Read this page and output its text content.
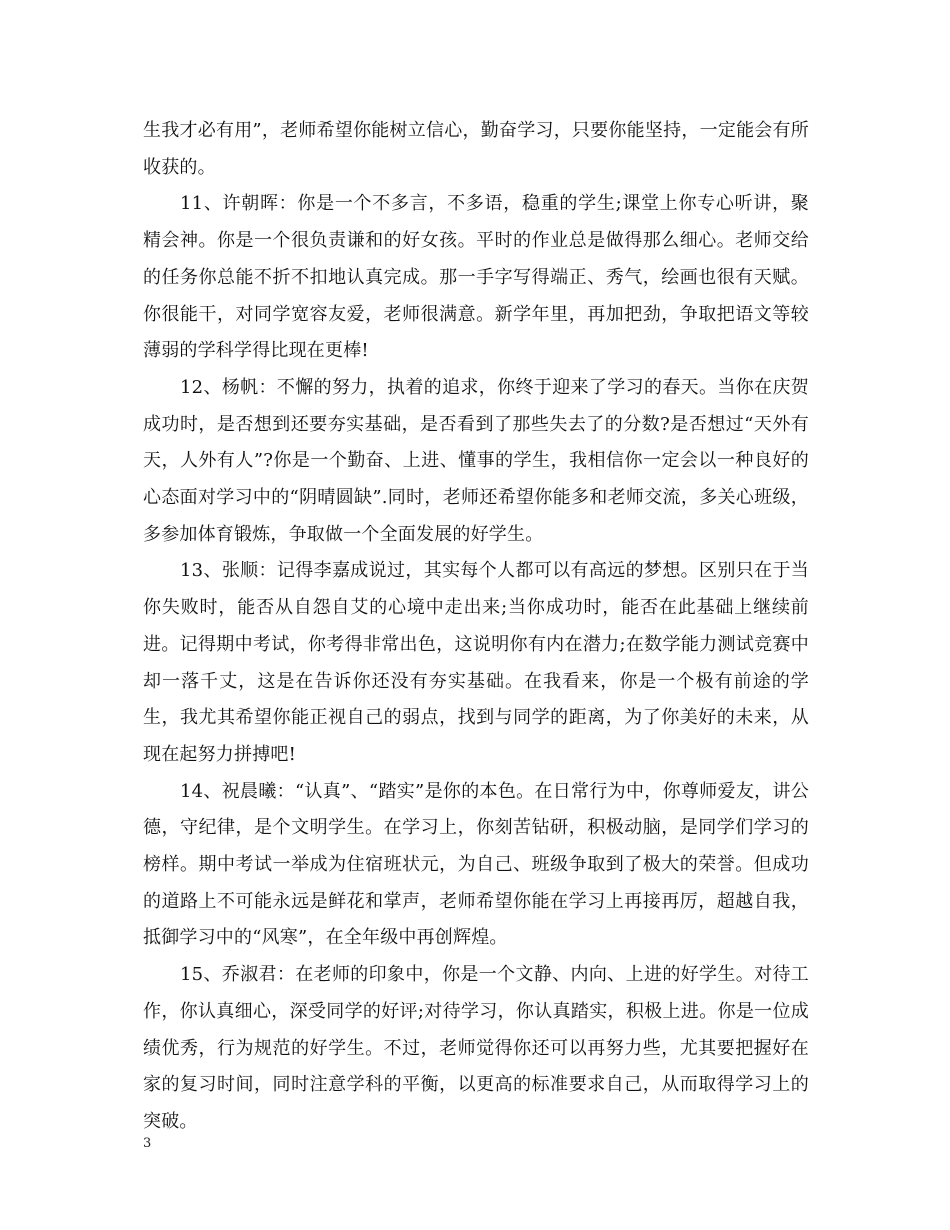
生我才必有用”，老师希望你能树立信心，勤奋学习，只要你能坚持，一定能会有所收获的。

11、许朝晖：你是一个不多言，不多语，稳重的学生;课堂上你专心听讲，聚精会神。你是一个很负责谦和的好女孩。平时的作业总是做得那么细心。老师交给的任务你总能不折不扣地认真完成。那一手字写得端正、秀气，绘画也很有天赋。你很能干，对同学宽容友爱，老师很满意。新学年里，再加把劲，争取把语文等较薄弱的学科学得比现在更棒!

12、杨帆：不懈的努力，执着的追求，你终于迎来了学习的春天。当你在庆贺成功时，是否想到还要夯实基础，是否看到了那些失去了的分数?是否想过“天外有天，人外有人”?你是一个勤奋、上进、懂事的学生，我相信你一定会以一种良好的心态面对学习中的“阴晴圆缺”.同时，老师还希望你能多和老师交流，多关心班级，多参加体育锻炼，争取做一个全面发展的好学生。

13、张顺：记得李嘉成说过，其实每个人都可以有高远的梦想。区别只在于当你失败时，能否从自怨自艾的心境中走出来;当你成功时，能否在此基础上继续前进。记得期中考试，你考得非常出色，这说明你有内在潜力;在数学能力测试竞赛中却一落千丈，这是在告诉你还没有夯实基础。在我看来，你是一个极有前途的学生，我尤其希望你能正视自己的弱点，找到与同学的距离，为了你美好的未来，从现在起努力拼搏吧!

14、祝晨曦：“认真”、“踏实”是你的本色。在日常行为中，你尊师爱友，讲公德，守纪律，是个文明学生。在学习上，你刻苦钻研，积极动脑，是同学们学习的榜样。期中考试一举成为住宿班状元，为自己、班级争取到了极大的荣誉。但成功的道路上不可能永远是鲜花和掌声，老师希望你能在学习上再接再厉，超越自我，抵御学习中的“风寒”，在全年级中再创辉煌。

15、乔淑君：在老师的印象中，你是一个文静、内向、上进的好学生。对待工作，你认真细心，深受同学的好评;对待学习，你认真踏实，积极上进。你是一位成绩优秀，行为规范的好学生。不过，老师觉得你还可以再努力些，尤其要把握好在家的复习时间，同时注意学科的平衡，以更高的标准要求自己，从而取得学习上的突破。

3
